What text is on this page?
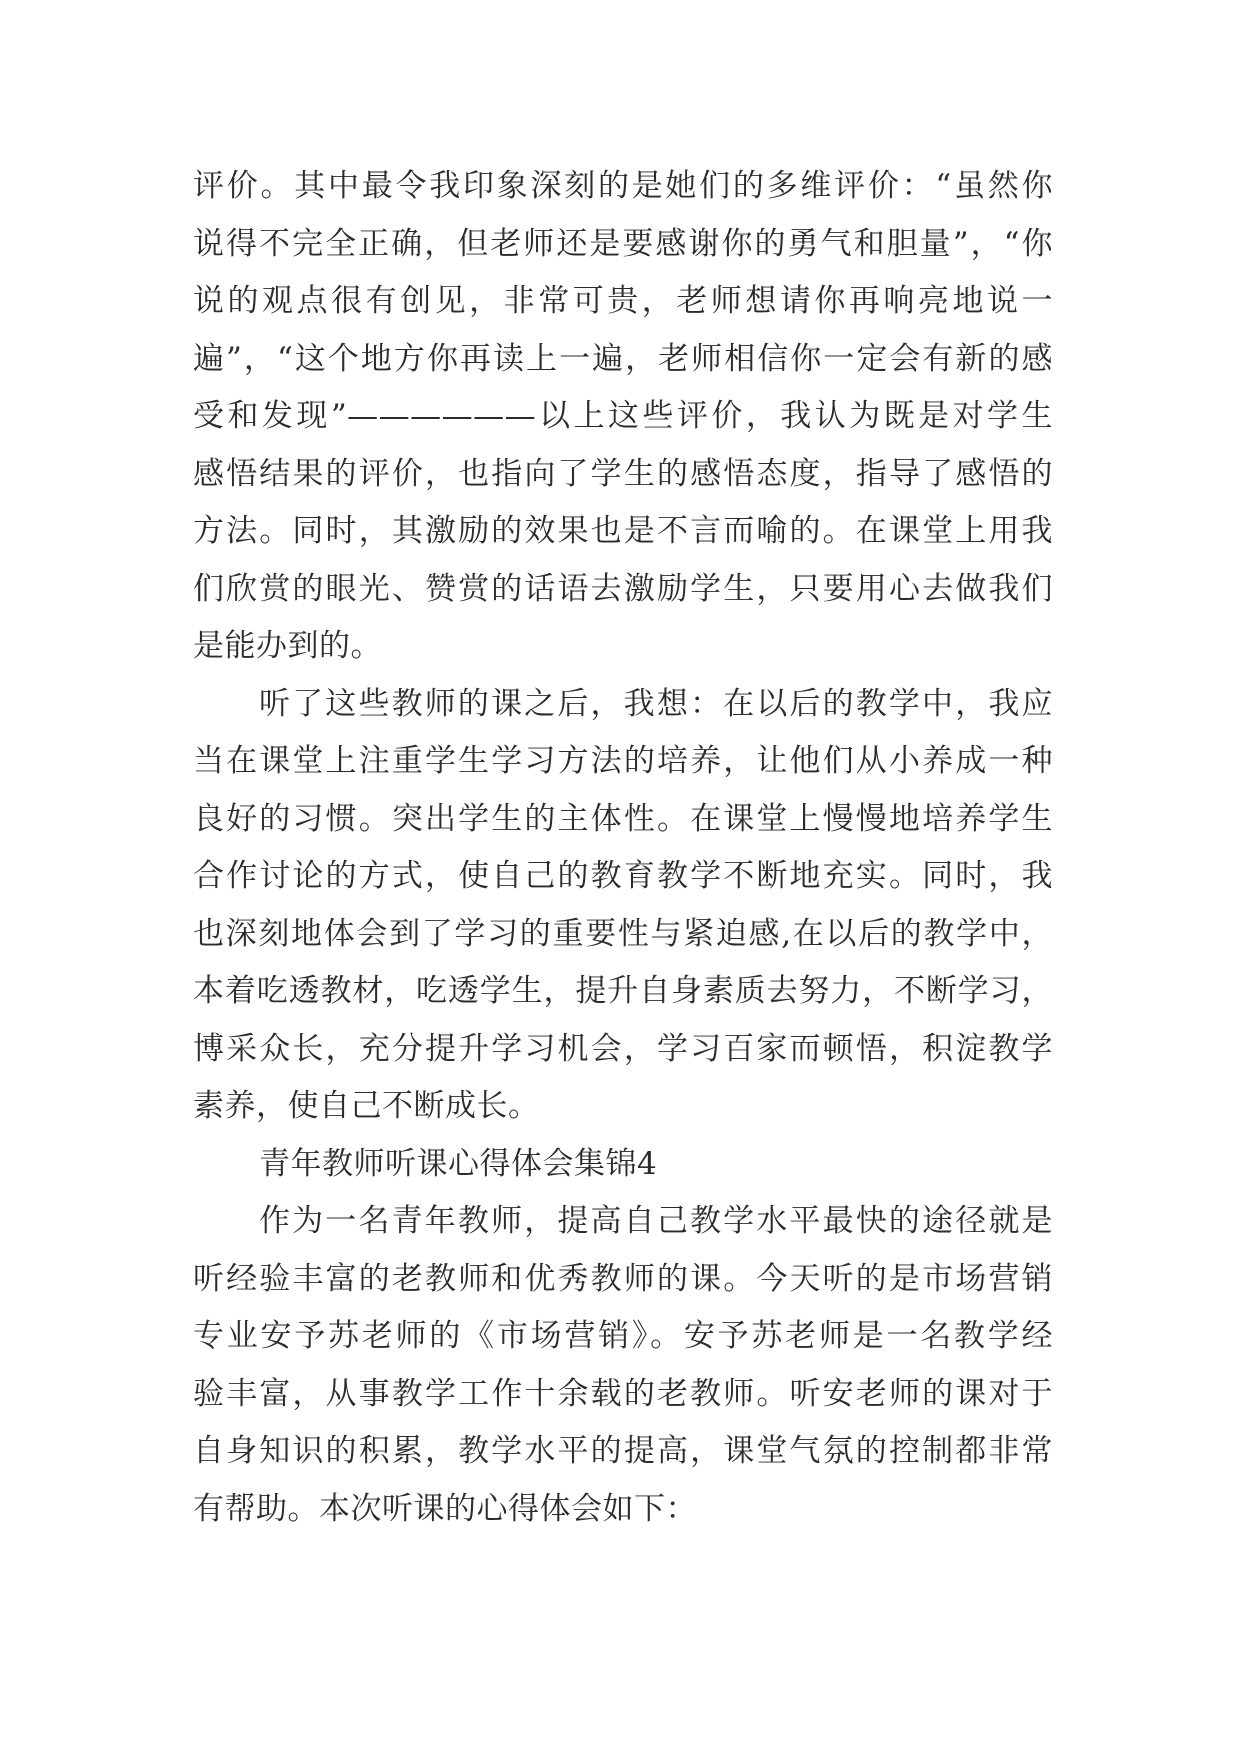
评价。其中最令我印象深刻的是她们的多维评价：“虽然你
说得不完全正确，但老师还是要感谢你的勇气和胆量”，“你
说的观点很有创见，非常可贵，老师想请你再响亮地说一
遍”，“这个地方你再读上一遍，老师相信你一定会有新的感
受和发现”——————以上这些评价，我认为既是对学生
感悟结果的评价，也指向了学生的感悟态度，指导了感悟的
方法。同时，其激励的效果也是不言而喻的。在课堂上用我
们欣赏的眼光、赞赏的话语去激励学生，只要用心去做我们
是能办到的。
听了这些教师的课之后，我想：在以后的教学中，我应
当在课堂上注重学生学习方法的培养，让他们从小养成一种
良好的习惯。突出学生的主体性。在课堂上慢慢地培养学生
合作讨论的方式，使自己的教育教学不断地充实。同时，我
也深刻地体会到了学习的重要性与紧迫感,在以后的教学中，
本着吃透教材，吃透学生，提升自身素质去努力，不断学习，
博采众长，充分提升学习机会，学习百家而顿悟，积淀教学
素养，使自己不断成长。
青年教师听课心得体会集锦4
作为一名青年教师，提高自己教学水平最快的途径就是
听经验丰富的老教师和优秀教师的课。今天听的是市场营销
专业安予苏老师的《市场营销》。安予苏老师是一名教学经
验丰富，从事教学工作十余载的老教师。听安老师的课对于
自身知识的积累，教学水平的提高，课堂气氛的控制都非常
有帮助。本次听课的心得体会如下：
